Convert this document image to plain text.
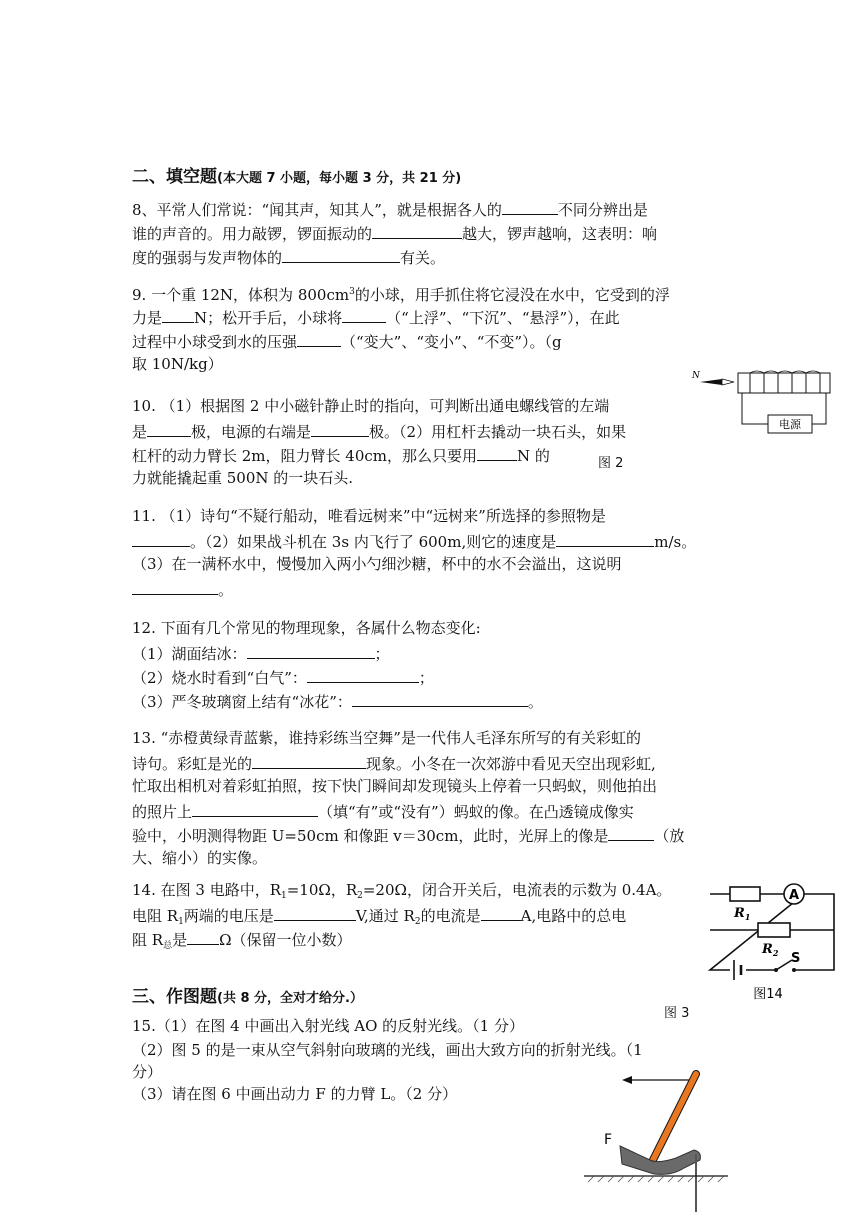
二、填空题(本大题 7 小题，每小题 3 分，共 21 分)
8、平常人们常说：“闻其声，知其人”，就是根据各人的	不同分辨出是
谁的声音的。用力敲锣，锣面振动的	越大，锣声越响，这表明：响
度的强弱与发声物体的	有关。
9. 一个重 12N，体积为 $800cm^3$的小球，用手抓住将它浸没在水中，它受到的浮
力是 N；松开手后，小球将	（“上浮”、“下沉”、“悬浮”），在此
过程中小球受到水的压强	（“变大”、“变小”、“不变”）。（g
取 10N/kg）
10. （1）根据图 2 中小磁针静止时的指向，可判断出通电螺线管的左端
是	极，电源的右端是	极。（2）用杠杆去撬动一块石头，如果
杠杆的动力臂长 2m，阻力臂长 40cm，那么只要用	N 的
力就能撬起重 500N 的一块石头.
N
电源
图 2
11. （1）诗句“不疑行船动，唯看远树来”中“远树来”所选择的参照物是
。（2）如果战斗机在 3s 内飞行了 600m,则它的速度是	m/s。
（3）在一满杯水中，慢慢加入两小勺细沙糖，杯中的水不会溢出，这说明
。
12. 下面有几个常见的物理现象，各属什么物态变化:
（1）湖面结冰：	；
（2）烧水时看到“白气”：	；
（3）严冬玻璃窗上结有“冰花”：	。
13. “赤橙黄绿青蓝紫，谁持彩练当空舞”是一代伟人毛泽东所写的有关彩虹的
诗句。彩虹是光的	现象。小冬在一次郊游中看见天空出现彩虹,
忙取出相机对着彩虹拍照，按下快门瞬间却发现镜头上停着一只蚂蚁，则他拍出
的照片上	（填“有”或“没有”）蚂蚁的像。在凸透镜成像实
验中，小明测得物距 U=50cm 和像距 v＝30cm，此时，光屏上的像是	（放
大、缩小）的实像。
14. 在图 3 电路中，$R_1=10\Omega$，$R_2=20\Omega$，闭合开关后，电流表的示数为 0.4A。
电阻 $R_1$两端的电压是	V,通过 $R_2$的电流是	A,电路中的总电
阻 $R_总$是 Ω（保留一位小数）
A
$R_1$
$R_2$ S
图14
图 3
三、作图题(共 8 分，全对才给分.）
15.（1）在图 4 中画出入射光线 AO 的反射光线。（1 分）
（2）图 5 的是一束从空气斜射向玻璃的光线，画出大致方向的折射光线。（1
分）
（3）请在图 6 中画出动力 F 的力臂 L。（2 分）
F
